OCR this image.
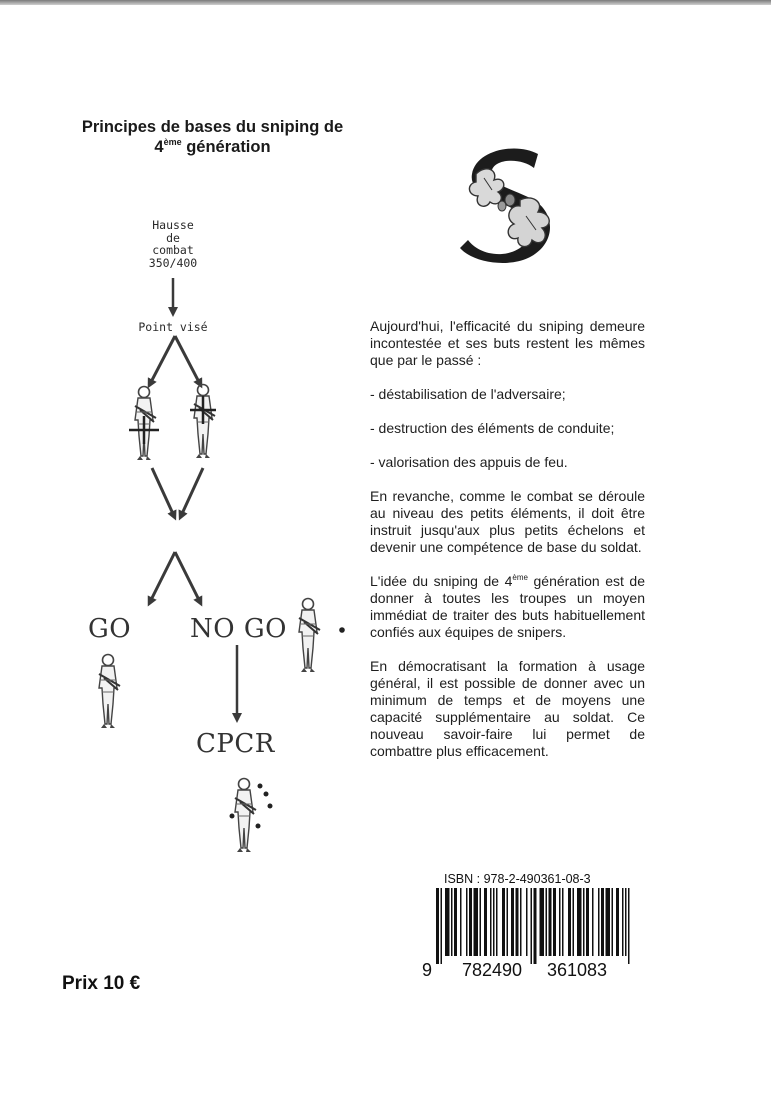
Principes de bases du sniping de
4ème génération
Hausse
de
combat
350/400
Point visé
GO NO GO
CPCR

Aujourd'hui, l'efficacité du sniping demeure incontestée et ses buts restent les mêmes que par le passé :

- déstabilisation de l'adversaire;

- destruction des éléments de conduite;

- valorisation des appuis de feu.

En revanche, comme le combat se déroule au niveau des petits éléments, il doit être instruit jusqu'aux plus petits échelons et devenir une compétence de base du soldat.

L'idée du sniping de 4ème génération est de donner à toutes les troupes un moyen immédiat de traiter des buts habituellement confiés aux équipes de snipers.

En démocratisant la formation à usage général, il est possible de donner avec un minimum de temps et de moyens une capacité supplémentaire au soldat. Ce nouveau savoir-faire lui permet de combattre plus efficacement.

ISBN : 978-2-490361-08-3
9 782490 361083
Prix 10 €
